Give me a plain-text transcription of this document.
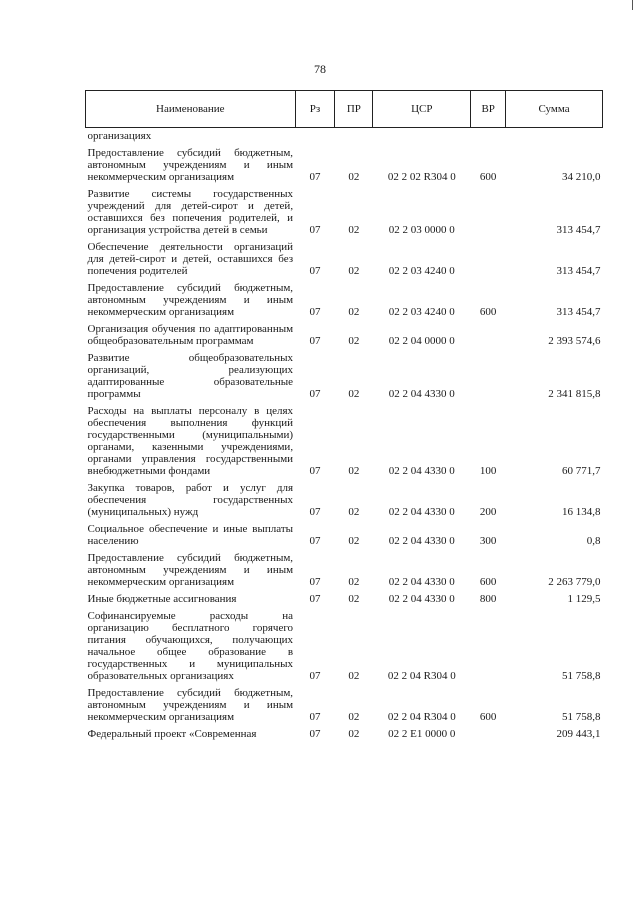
78
Наименование	Рз	ПР	ЦСР	ВР	Сумма
организациях					
Предоставление субсидий бюджетным, автономным учреждениям и иным некоммерческим организациям	07	02	02 2 02 R304 0	600	34 210,0
Развитие системы государственных учреждений для детей-сирот и детей, оставшихся без попечения родителей, и организация устройства детей в семьи	07	02	02 2 03 0000 0		313 454,7
Обеспечение деятельности организаций для детей-сирот и детей, оставшихся без попечения родителей	07	02	02 2 03 4240 0		313 454,7
Предоставление субсидий бюджетным, автономным учреждениям и иным некоммерческим организациям	07	02	02 2 03 4240 0	600	313 454,7
Организация обучения по адаптированным общеобразовательным программам	07	02	02 2 04 0000 0		2 393 574,6
Развитие общеобразовательных организаций, реализующих адаптированные образовательные программы	07	02	02 2 04 4330 0		2 341 815,8
Расходы на выплаты персоналу в целях обеспечения выполнения функций государственными (муниципальными) органами, казенными учреждениями, органами управления государственными внебюджетными фондами	07	02	02 2 04 4330 0	100	60 771,7
Закупка товаров, работ и услуг для обеспечения государственных (муниципальных) нужд	07	02	02 2 04 4330 0	200	16 134,8
Социальное обеспечение и иные выплаты населению	07	02	02 2 04 4330 0	300	0,8
Предоставление субсидий бюджетным, автономным учреждениям и иным некоммерческим организациям	07	02	02 2 04 4330 0	600	2 263 779,0
Иные бюджетные ассигнования	07	02	02 2 04 4330 0	800	1 129,5
Софинансируемые расходы на организацию бесплатного горячего питания обучающихся, получающих начальное общее образование в государственных и муниципальных образовательных организациях	07	02	02 2 04 R304 0		51 758,8
Предоставление субсидий бюджетным, автономным учреждениям и иным некоммерческим организациям	07	02	02 2 04 R304 0	600	51 758,8
Федеральный проект «Современная	07	02	02 2 E1 0000 0		209 443,1
